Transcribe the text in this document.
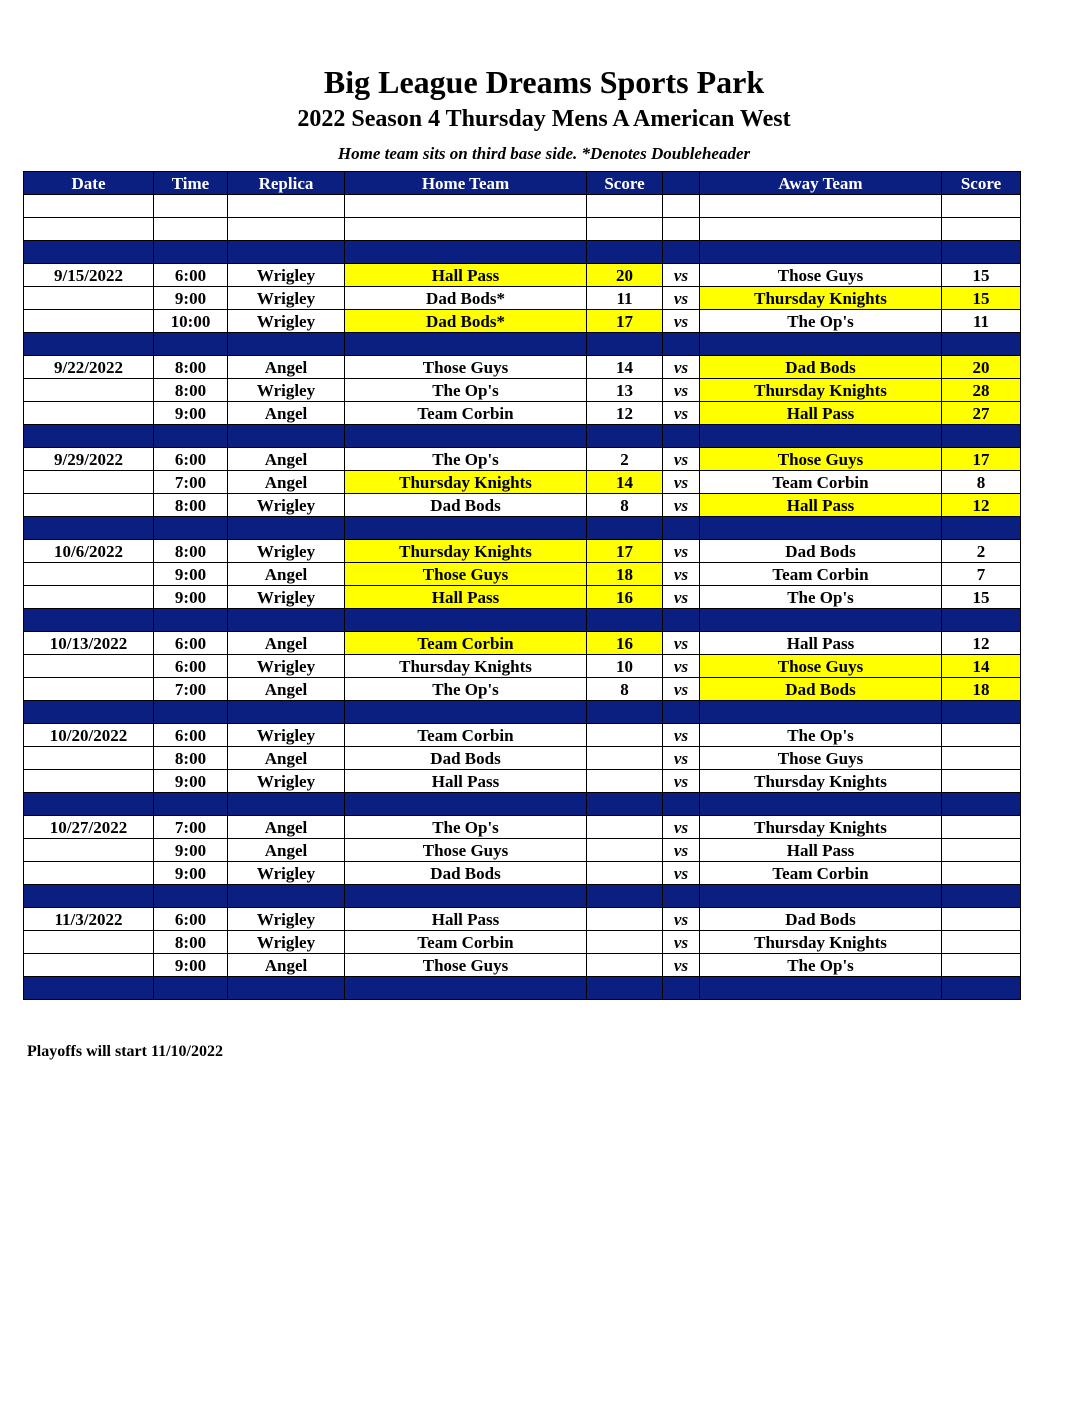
Big League Dreams Sports Park
2022 Season 4 Thursday Mens A American West
Home team sits on third base side. *Denotes Doubleheader
Date	Time	Replica	Home Team	Score		Away Team	Score

9/15/2022	6:00	Wrigley	Hall Pass	20	vs	Those Guys	15
	9:00	Wrigley	Dad Bods*	11	vs	Thursday Knights	15
	10:00	Wrigley	Dad Bods*	17	vs	The Op's	11

9/22/2022	8:00	Angel	Those Guys	14	vs	Dad Bods	20
	8:00	Wrigley	The Op's	13	vs	Thursday Knights	28
	9:00	Angel	Team Corbin	12	vs	Hall Pass	27

9/29/2022	6:00	Angel	The Op's	2	vs	Those Guys	17
	7:00	Angel	Thursday Knights	14	vs	Team Corbin	8
	8:00	Wrigley	Dad Bods	8	vs	Hall Pass	12

10/6/2022	8:00	Wrigley	Thursday Knights	17	vs	Dad Bods	2
	9:00	Angel	Those Guys	18	vs	Team Corbin	7
	9:00	Wrigley	Hall Pass	16	vs	The Op's	15

10/13/2022	6:00	Angel	Team Corbin	16	vs	Hall Pass	12
	6:00	Wrigley	Thursday Knights	10	vs	Those Guys	14
	7:00	Angel	The Op's	8	vs	Dad Bods	18

10/20/2022	6:00	Wrigley	Team Corbin		vs	The Op's	
	8:00	Angel	Dad Bods		vs	Those Guys	
	9:00	Wrigley	Hall Pass		vs	Thursday Knights	

10/27/2022	7:00	Angel	The Op's		vs	Thursday Knights	
	9:00	Angel	Those Guys		vs	Hall Pass	
	9:00	Wrigley	Dad Bods		vs	Team Corbin	

11/3/2022	6:00	Wrigley	Hall Pass		vs	Dad Bods	
	8:00	Wrigley	Team Corbin		vs	Thursday Knights	
	9:00	Angel	Those Guys		vs	The Op's	

Playoffs will start 11/10/2022
